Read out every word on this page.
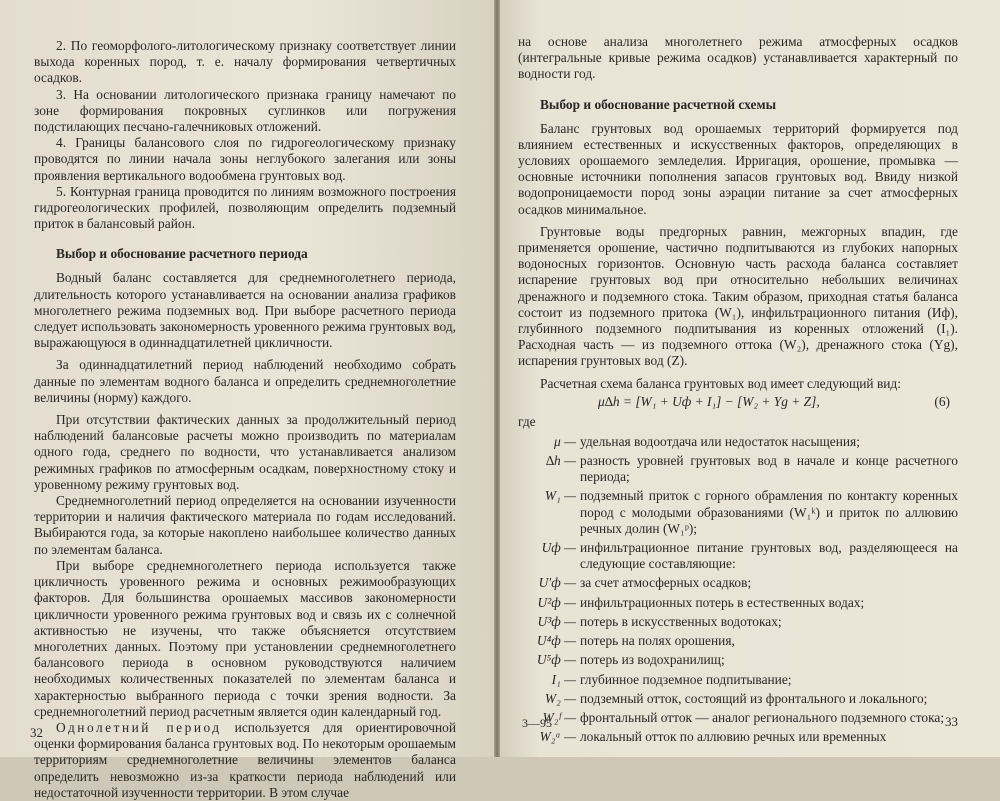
2. По геоморфолого-литологическому признаку соответствует линии выхода коренных пород, т. е. началу формирования четвертичных осадков.

3. На основании литологического признака границу намечают по зоне формирования покровных суглинков или погружения подстилающих песчано-галечниковых отложений.

4. Границы балансового слоя по гидрогеологическому признаку проводятся по линии начала зоны неглубокого залегания или зоны проявления вертикального водообмена грунтовых вод.

5. Контурная граница проводится по линиям возможного построения гидрогеологических профилей, позволяющим определить подземный приток в балансовый район.

Выбор и обоснование расчетного периода

Водный баланс составляется для среднемноголетнего периода, длительность которого устанавливается на основании анализа графиков многолетнего режима подземных вод. При выборе расчетного периода следует использовать закономерность уровенного режима грунтовых вод, выражающуюся в одиннадцатилетней цикличности.

За одиннадцатилетний период наблюдений необходимо собрать данные по элементам водного баланса и определить среднемноголетние величины (норму) каждого.

При отсутствии фактических данных за продолжительный период наблюдений балансовые расчеты можно производить по материалам одного года, среднего по водности, что устанавливается анализом режимных графиков по атмосферным осадкам, поверхностному стоку и уровенному режиму грунтовых вод.

Среднемноголетний период определяется на основании изученности территории и наличия фактического материала по годам исследований. Выбираются года, за которые накоплено наибольшее количество данных по элементам баланса.

При выборе среднемноголетнего периода используется также цикличность уровенного режима и основных режимообразующих факторов. Для большинства орошаемых массивов закономерности цикличности уровенного режима грунтовых вод и связь их с солнечной активностью не изучены, что также объясняется отсутствием многолетних данных. Поэтому при установлении среднемноголетнего балансового периода в основном руководствуются наличием необходимых количественных показателей по элементам баланса и характерностью выбранного периода с точки зрения водности. За среднемноголетний период расчетным является один календарный год.

Однолетний период используется для ориентировочной оценки формирования баланса грунтовых вод. По некоторым орошаемым территориям среднемноголетние величины элементов баланса определить невозможно из-за краткости периода наблюдений или недостаточной изученности территории. В этом случае

32

на основе анализа многолетнего режима атмосферных осадков (интегральные кривые режима осадков) устанавливается характерный по водности год.

Выбор и обоснование расчетной схемы

Баланс грунтовых вод орошаемых территорий формируется под влиянием естественных и искусственных факторов, определяющих в условиях орошаемого земледелия. Ирригация, орошение, промывка — основные источники пополнения запасов грунтовых вод. Ввиду низкой водопроницаемости пород зоны аэрации питание за счет атмосферных осадков минимальное.

Грунтовые воды предгорных равнин, межгорных впадин, где применяется орошение, частично подпитываются из глубоких напорных водоносных горизонтов. Основную часть расхода баланса составляет испарение грунтовых вод при относительно небольших величинах дренажного и подземного стока. Таким образом, приходная статья баланса состоит из подземного притока (W₁), инфильтрационного питания (Иф), глубинного подземного подпитывания из коренных отложений (I₁). Расходная часть — из подземного оттока (W₂), дренажного стока (Yg), испарения грунтовых вод (Z).

Расчетная схема баланса грунтовых вод имеет следующий вид:

μ∆h = [W₁ + Uф + I₁] − [W₂ + Yg + Z],	(6)
где
μ — удельная водоотдача или недостаток насыщения;
∆h — разность уровней грунтовых вод в начале и конце расчетного периода;
W₁ — подземный приток с горного обрамления по контакту коренных пород с молодыми образованиями (W₁ᵏ) и приток по аллювию речных долин (W₁ᵖ);
Uф — инфильтрационное питание грунтовых вод, разделяющееся на следующие составляющие:
U′ф — за счет атмосферных осадков;
U²ф — инфильтрационных потерь в естественных водах;
U³ф — потерь в искусственных водотоках;
U⁴ф — потерь на полях орошения,
U⁵ф — потерь из водохранилищ;
I₁ — глубинное подземное подпитывание;
W₂ — подземный отток, состоящий из фронтального и локального;
W₂ᶠ — фронтальный отток — аналог регионального подземного стока;
W₂ᵃ — локальный отток по аллювию речных или временных
3—95	33
